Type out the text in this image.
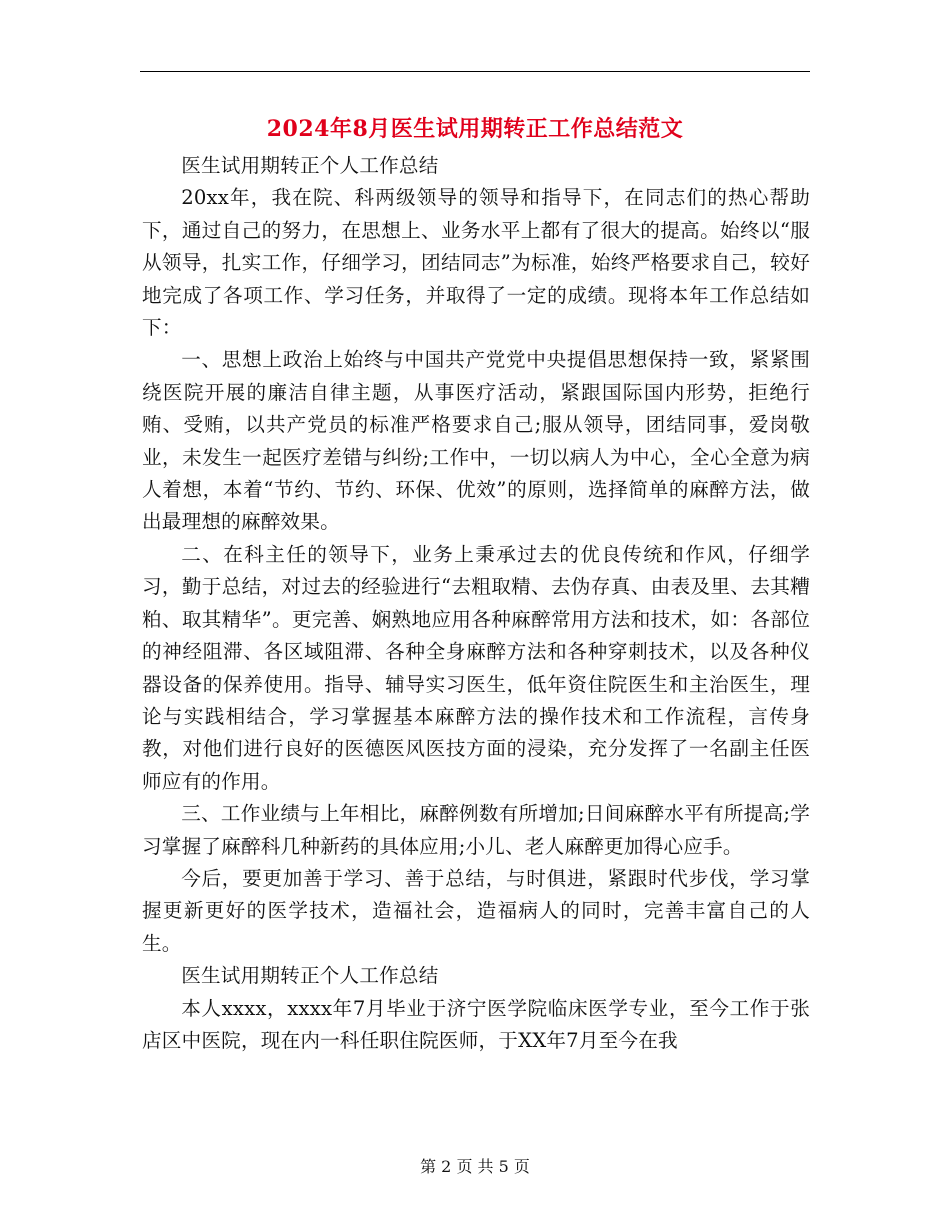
2024年8月医生试用期转正工作总结范文

医生试用期转正个人工作总结

20xx年，我在院、科两级领导的领导和指导下，在同志们的热心帮助下，通过自己的努力，在思想上、业务水平上都有了很大的提高。始终以“服从领导，扎实工作，仔细学习，团结同志”为标准，始终严格要求自己，较好地完成了各项工作、学习任务，并取得了一定的成绩。现将本年工作总结如下：

一、思想上政治上始终与中国共产党党中央提倡思想保持一致，紧紧围绕医院开展的廉洁自律主题，从事医疗活动，紧跟国际国内形势，拒绝行贿、受贿，以共产党员的标准严格要求自己;服从领导，团结同事，爱岗敬业，未发生一起医疗差错与纠纷;工作中，一切以病人为中心，全心全意为病人着想，本着“节约、节约、环保、优效”的原则，选择简单的麻醉方法，做出最理想的麻醉效果。

二、在科主任的领导下，业务上秉承过去的优良传统和作风，仔细学习，勤于总结，对过去的经验进行“去粗取精、去伪存真、由表及里、去其糟粕、取其精华”。更完善、娴熟地应用各种麻醉常用方法和技术，如：各部位的神经阻滞、各区域阻滞、各种全身麻醉方法和各种穿刺技术，以及各种仪器设备的保养使用。指导、辅导实习医生，低年资住院医生和主治医生，理论与实践相结合，学习掌握基本麻醉方法的操作技术和工作流程，言传身教，对他们进行良好的医德医风医技方面的浸染，充分发挥了一名副主任医师应有的作用。

三、工作业绩与上年相比，麻醉例数有所增加;日间麻醉水平有所提高;学习掌握了麻醉科几种新药的具体应用;小儿、老人麻醉更加得心应手。

今后，要更加善于学习、善于总结，与时俱进，紧跟时代步伐，学习掌握更新更好的医学技术，造福社会，造福病人的同时，完善丰富自己的人生。

医生试用期转正个人工作总结

本人xxxx，xxxx年7月毕业于济宁医学院临床医学专业，至今工作于张店区中医院，现在内一科任职住院医师，于XX年7月至今在我

第 2 页 共 5 页
